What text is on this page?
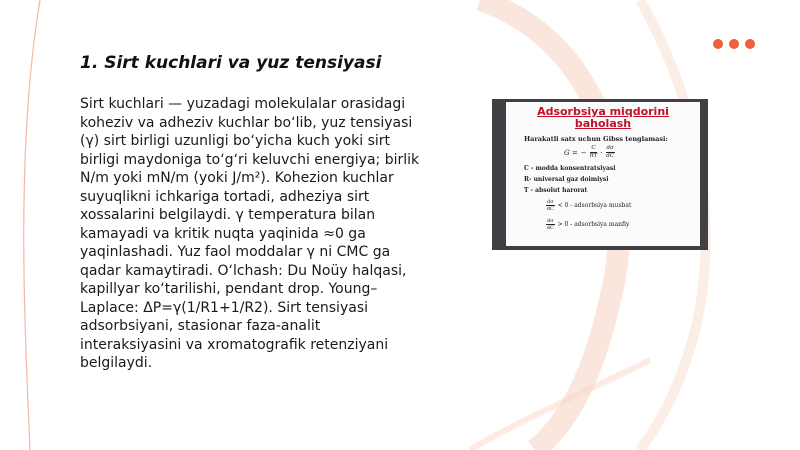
1. Sirt kuchlari va yuz tensiyasi
Sirt kuchlari — yuzadagi molekulalar orasidagi koheziv va adheziv kuchlar bo‘lib, yuz tensiyasi (γ) sirt birligi uzunligi bo‘yicha kuch yoki sirt birligi maydoniga to‘g‘ri keluvchi energiya; birlik N/m yoki mN/m (yoki J/m²). Kohezion kuchlar suyuqlikni ichkariga tortadi, adheziya sirt xossalarini belgilaydi. γ temperatura bilan kamayadi va kritik nuqta yaqinida ≈0 ga yaqinlashadi. Yuz faol moddalar γ ni CMC ga qadar kamaytiradi. O‘lchash: Du Noüy halqasi, kapillyar ko‘tarilishi, pendant drop. Young–Laplace: ΔP=γ(1/R1+1/R2). Sirt tensiyasi adsorbsiyani, stasionar faza-analit interaksiyasini va xromatografik retenziyani belgilaydi.
Adsorbsiya miqdorini
baholash
Harakatli satx uchun Gibss tenglamasi:
G = − $\frac{C}{RT} \cdot \frac{d\sigma}{dC}$
C - modda konsentratsiyasi
R- universal gaz doimiysi
T - absolut harorat
$\frac{d\sigma}{dC} < 0$ - adsorbsiya musbat
$\frac{d\sigma}{dC} > 0$ - adsorbsiya manfiy
